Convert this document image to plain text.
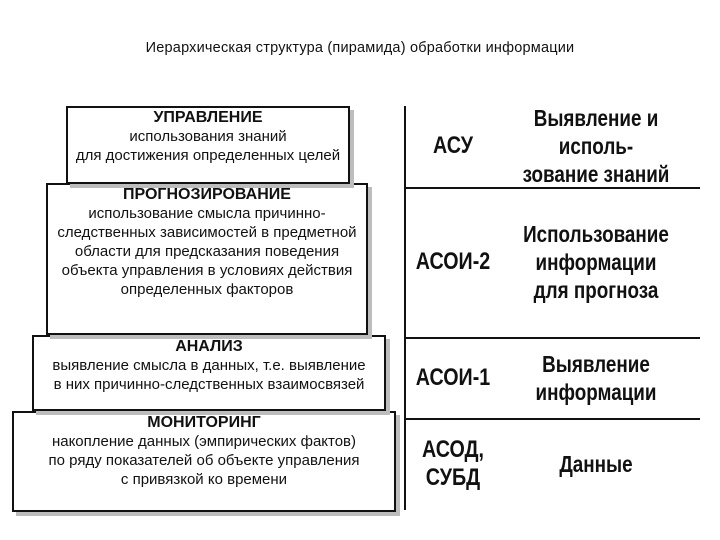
Иерархическая структура (пирамида) обработки информации
МОНИТОРИНГ
накопление данных (эмпирических фактов)
по ряду показателей об объекте управления
с привязкой ко времени
АНАЛИЗ
выявление смысла в данных, т.е. выявление
в них причинно-следственных взаимосвязей
ПРОГНОЗИРОВАНИЕ
использование смысла причинно-
следственных зависимостей в предметной
области для предсказания поведения
объекта управления в условиях действия
определенных факторов
УПРАВЛЕНИЕ
использования знаний
для достижения определенных целей	АСУ
Выявление и исполь-
зование знаний
АСОИ-2
Использование
информации
для прогноза
АСОИ-1 Выявление
информации
АСОД,
СУБД	Данные
